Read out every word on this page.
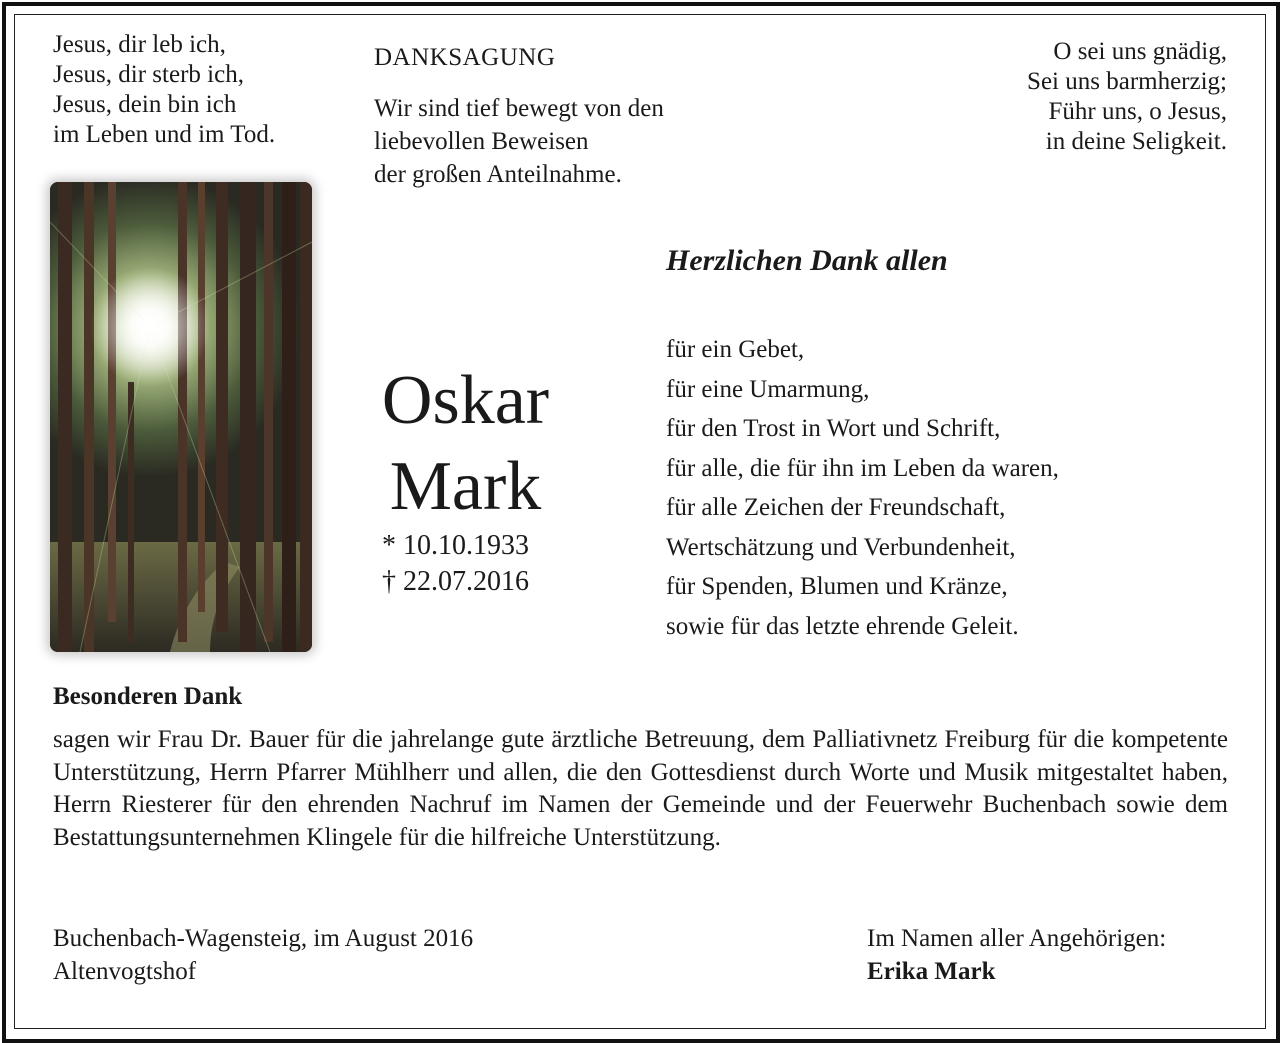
Jesus, dir leb ich,
Jesus, dir sterb ich,
Jesus, dein bin ich
im Leben und im Tod.
O sei uns gnädig,
Sei uns barmherzig;
Führ uns, o Jesus,
in deine Seligkeit.
DANKSAGUNG
Wir sind tief bewegt von den
liebevollen Beweisen
der großen Anteilnahme.
Oskar
Mark
* 10.10.1933
† 22.07.2016
Herzlichen Dank allen
für ein Gebet,
für eine Umarmung,
für den Trost in Wort und Schrift,
für alle, die für ihn im Leben da waren,
für alle Zeichen der Freundschaft,
Wertschätzung und Verbundenheit,
für Spenden, Blumen und Kränze,
sowie für das letzte ehrende Geleit.
Besonderen Dank
sagen wir Frau Dr. Bauer für die jahrelange gute ärztliche Betreuung, dem Palliativnetz Freiburg für die kompetente Unterstützung, Herrn Pfarrer Mühlherr und allen, die den Gottesdienst durch Worte und Musik mitgestaltet haben, Herrn Riesterer für den ehrenden Nachruf im Namen der Gemeinde und der Feuerwehr Buchenbach sowie dem Bestattungsunternehmen Klingele für die hilfreiche Unterstützung.
Buchenbach-Wagensteig, im August 2016
Altenvogtshof
Im Namen aller Angehörigen:
Erika Mark
